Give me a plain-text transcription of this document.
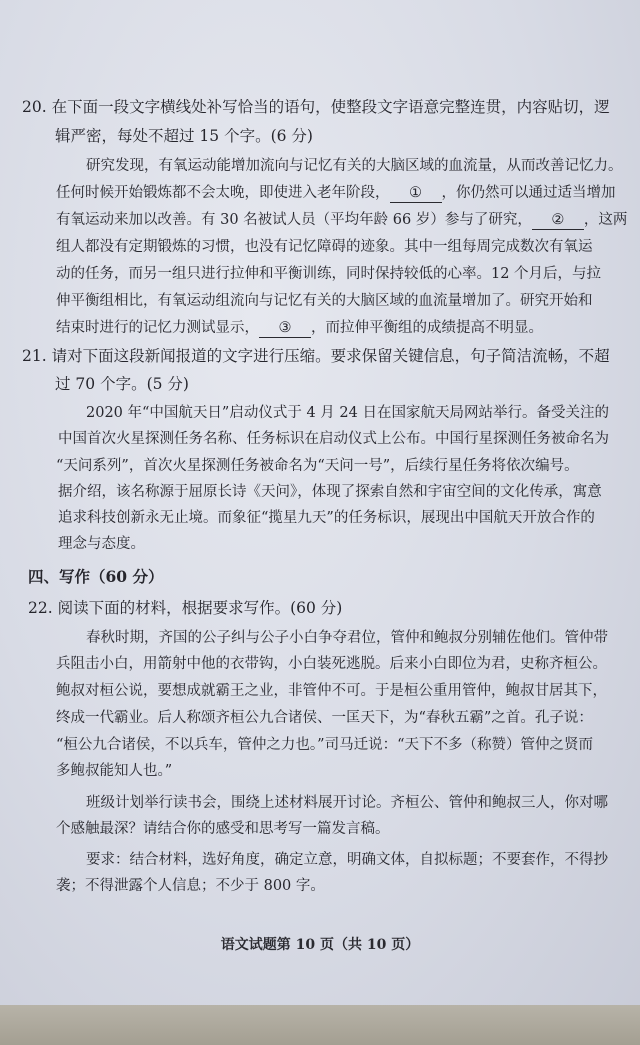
20. 在下面一段文字横线处补写恰当的语句，使整段文字语意完整连贯，内容贴切，逻
辑严密，每处不超过 15 个字。(6 分)
研究发现，有氧运动能增加流向与记忆有关的大脑区域的血流量，从而改善记忆力。
任何时候开始锻炼都不会太晚，即使进入老年阶段， ① ，你仍然可以通过适当增加
有氧运动来加以改善。有 30 名被试人员（平均年龄 66 岁）参与了研究， ② ，这两
组人都没有定期锻炼的习惯，也没有记忆障碍的迹象。其中一组每周完成数次有氧运
动的任务，而另一组只进行拉伸和平衡训练，同时保持较低的心率。12 个月后，与拉
伸平衡组相比，有氧运动组流向与记忆有关的大脑区域的血流量增加了。研究开始和
结束时进行的记忆力测试显示， ③ ，而拉伸平衡组的成绩提高不明显。
21. 请对下面这段新闻报道的文字进行压缩。要求保留关键信息，句子简洁流畅，不超
过 70 个字。(5 分)
2020 年“中国航天日”启动仪式于 4 月 24 日在国家航天局网站举行。备受关注的
中国首次火星探测任务名称、任务标识在启动仪式上公布。中国行星探测任务被命名为
“天问系列”，首次火星探测任务被命名为“天问一号”，后续行星任务将依次编号。
据介绍，该名称源于屈原长诗《天问》，体现了探索自然和宇宙空间的文化传承，寓意
追求科技创新永无止境。而象征“揽星九天”的任务标识，展现出中国航天开放合作的
理念与态度。
四、写作（60 分）
22. 阅读下面的材料，根据要求写作。(60 分)
春秋时期，齐国的公子纠与公子小白争夺君位，管仲和鲍叔分别辅佐他们。管仲带
兵阻击小白，用箭射中他的衣带钩，小白装死逃脱。后来小白即位为君，史称齐桓公。
鲍叔对桓公说，要想成就霸王之业，非管仲不可。于是桓公重用管仲，鲍叔甘居其下，
终成一代霸业。后人称颂齐桓公九合诸侯、一匡天下，为“春秋五霸”之首。孔子说：
“桓公九合诸侯，不以兵车，管仲之力也。”司马迁说：“天下不多（称赞）管仲之贤而
多鲍叔能知人也。”
班级计划举行读书会，围绕上述材料展开讨论。齐桓公、管仲和鲍叔三人，你对哪
个感触最深？请结合你的感受和思考写一篇发言稿。
要求：结合材料，选好角度，确定立意，明确文体，自拟标题；不要套作，不得抄
袭；不得泄露个人信息；不少于 800 字。
语文试题第 10 页（共 10 页）
